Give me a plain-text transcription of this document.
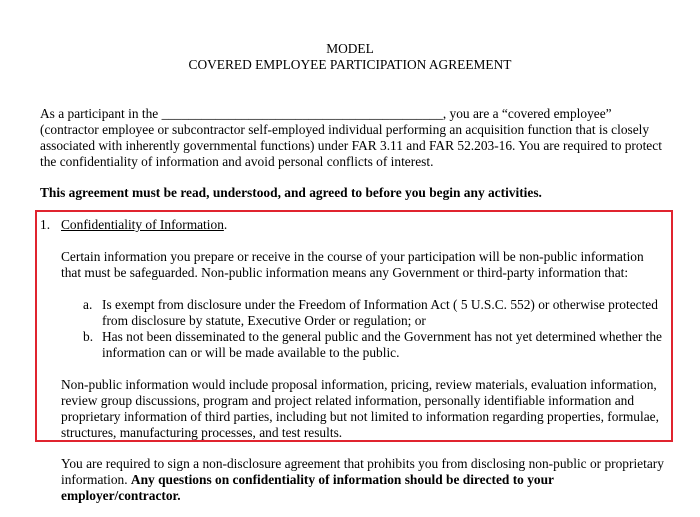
MODEL
COVERED EMPLOYEE PARTICIPATION AGREEMENT
As a participant in the __________________________________________, you are a “covered employee” (contractor employee or subcontractor self-employed individual performing an acquisition function that is closely associated with inherently governmental functions) under FAR 3.11 and FAR 52.203-16. You are required to protect the confidentiality of information and avoid personal conflicts of interest.
This agreement must be read, understood, and agreed to before you begin any activities.
1. Confidentiality of Information.
Certain information you prepare or receive in the course of your participation will be non-public information that must be safeguarded. Non-public information means any Government or third-party information that:
a. Is exempt from disclosure under the Freedom of Information Act ( 5 U.S.C. 552) or otherwise protected from disclosure by statute, Executive Order or regulation; or
b. Has not been disseminated to the general public and the Government has not yet determined whether the information can or will be made available to the public.
Non-public information would include proposal information, pricing, review materials, evaluation information, review group discussions, program and project related information, personally identifiable information and proprietary information of third parties, including but not limited to information regarding properties, formulae, structures, manufacturing processes, and test results.
You are required to sign a non-disclosure agreement that prohibits you from disclosing non-public or proprietary information. Any questions on confidentiality of information should be directed to your employer/contractor.
